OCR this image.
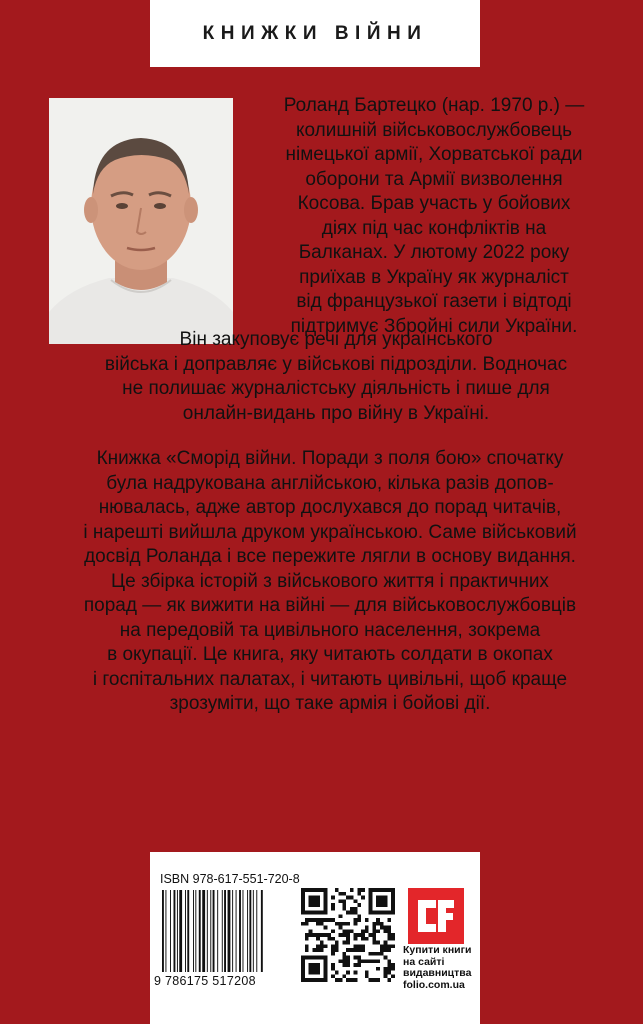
КНИЖКИ ВІЙНИ
Роланд Бартецко (нар. 1970 р.) —
колишній військовослужбовець
німецької армії, Хорватської ради
оборони та Армії визволення
Косова. Брав участь у бойових
діях під час конфліктів на
Балканах. У лютому 2022 року
приїхав в Україну як журналіст
від французької газети і відтоді
підтримує Збройні сили України.
Він закуповує речі для українського
війська і доправляє у військові підрозділи. Водночас
не полишає журналістську діяльність і пише для
онлайн-видань про війну в Україні.
Книжка «Сморід війни. Поради з поля бою» спочатку
була надрукована англійською, кілька разів допов-
нювалась, адже автор дослухався до порад читачів,
і нарешті вийшла друком українською. Саме військовий
досвід Роланда і все пережите лягли в основу видання.
Це збірка історій з військового життя і практичних
порад — як вижити на війні — для військовослужбовців
на передовій та цивільного населення, зокрема
в окупації. Це книга, яку читають солдати в окопах
і госпітальних палатах, і читають цивільні, щоб краще
зрозуміти, що таке армія і бойові дії.
ISBN 978-617-551-720-8
9 786175 517208
Купити книги
на сайті
видавництва
folio.com.ua
